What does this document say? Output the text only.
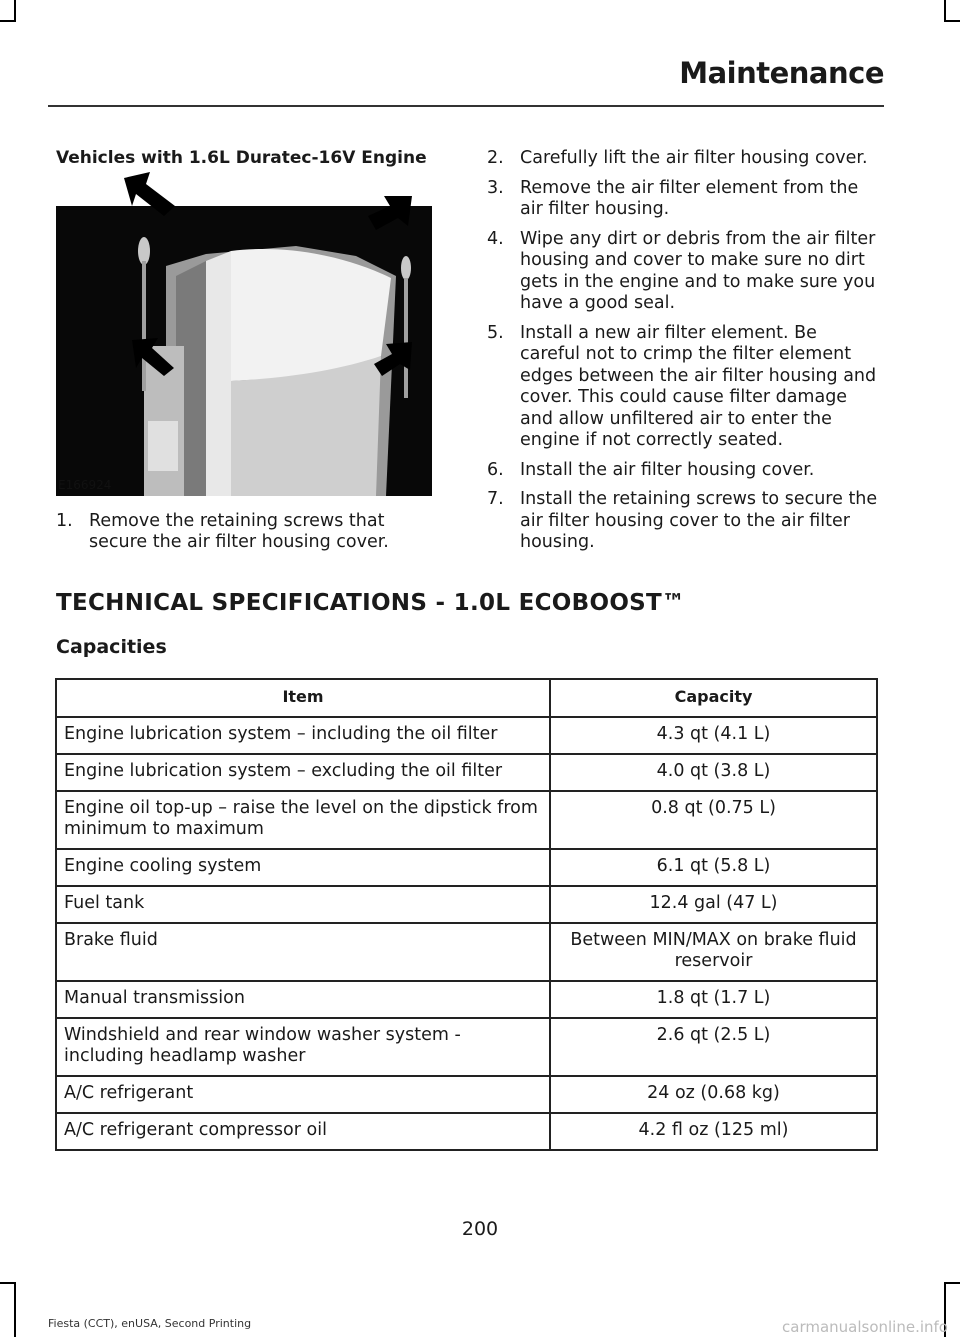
Maintenance
Vehicles with 1.6L Duratec-16V Engine
E166924
1. Remove the retaining screws that secure the air filter housing cover.
2. Carefully lift the air filter housing cover.
3. Remove the air filter element from the air filter housing.
4. Wipe any dirt or debris from the air filter housing and cover to make sure no dirt gets in the engine and to make sure you have a good seal.
5. Install a new air filter element. Be careful not to crimp the filter element edges between the air filter housing and cover. This could cause filter damage and allow unfiltered air to enter the engine if not correctly seated.
6. Install the air filter housing cover.
7. Install the retaining screws to secure the air filter housing cover to the air filter housing.
TECHNICAL SPECIFICATIONS - 1.0L ECOBOOST™
Capacities
Item	Capacity
Engine lubrication system – including the oil filter	4.3 qt (4.1 L)
Engine lubrication system – excluding the oil filter	4.0 qt (3.8 L)
Engine oil top-up – raise the level on the dipstick from minimum to maximum	0.8 qt (0.75 L)
Engine cooling system	6.1 qt (5.8 L)
Fuel tank	12.4 gal (47 L)
Brake fluid	Between MIN/MAX on brake fluid reservoir
Manual transmission	1.8 qt (1.7 L)
Windshield and rear window washer system - including headlamp washer	2.6 qt (2.5 L)
A/C refrigerant	24 oz (0.68 kg)
A/C refrigerant compressor oil	4.2 fl oz (125 ml)
200
Fiesta (CCT), enUSA, Second Printing	carmanualsonline.info
